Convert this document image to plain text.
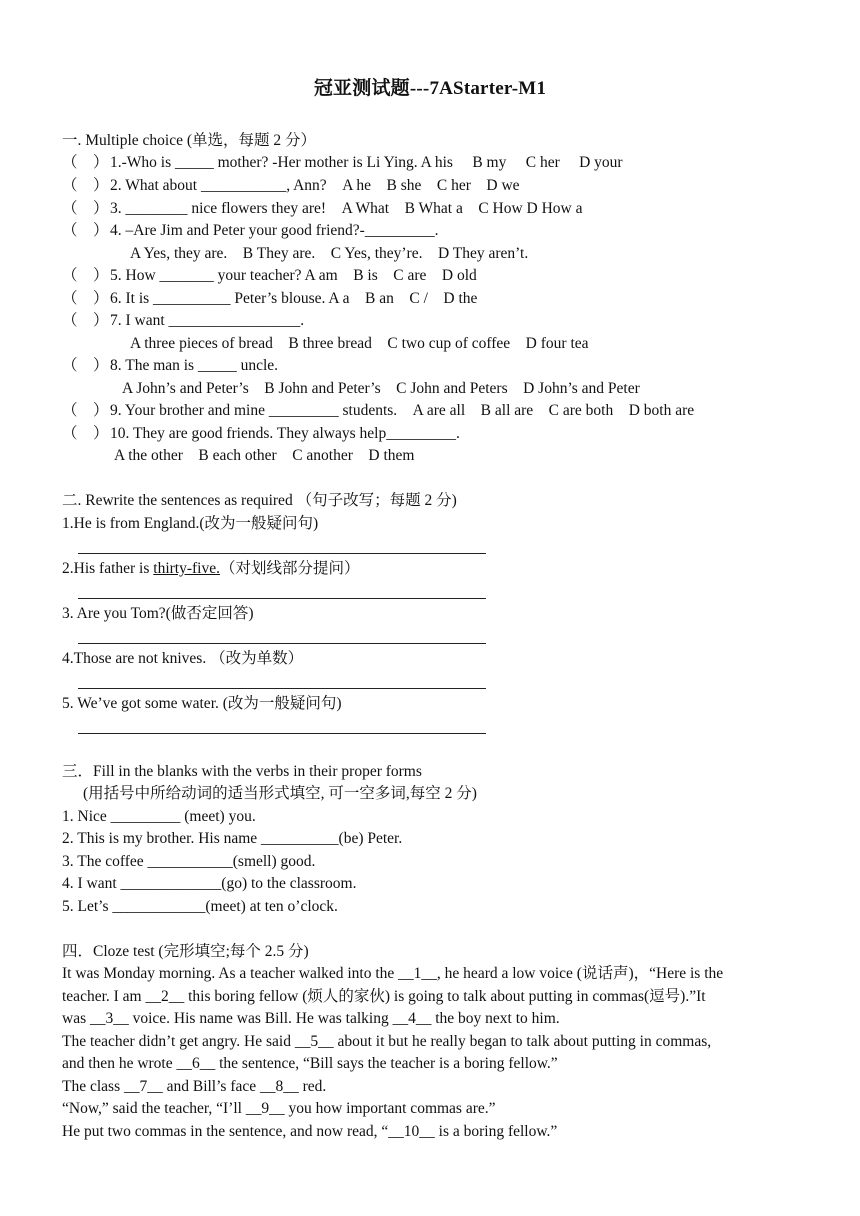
冠亚测试题---7AStarter-M1
一. Multiple choice (单选，每题 2 分）
（　）1.-Who is _____ mother? -Her mother is Li Ying. A his　 B my　 C her　 D your
（　）2. What about ___________, Ann?　A he　B she　C her　D we
（　）3. ________ nice flowers they are!　A What　B What a　C How D How a
（　）4. –Are Jim and Peter your good friend?-_________.
A Yes, they are.　B They are.　C Yes, they’re.　D They aren’t.
（　）5. How _______ your teacher? A am　B is　C are　D old
（　）6. It is __________ Peter’s blouse. A a　B an　C /　D the
（　）7. I want _________________.
A three pieces of bread　B three bread　C two cup of coffee　D four tea
（　）8. The man is _____ uncle.
A John’s and Peter’s　B John and Peter’s　C John and Peters　D John’s and Peter
（　）9. Your brother and mine _________ students.　A are all　B all are　C are both　D both are
（　）10. They are good friends. They always help_________.
A the other　B each other　C another　D them
二. Rewrite the sentences as required （句子改写；每题 2 分)
1.He is from England.(改为一般疑问句)
2.His father is thirty-five.（对划线部分提问）
3. Are you Tom?(做否定回答)
4.Those are not knives. （改为单数）
5. We’ve got some water. (改为一般疑问句)
三．Fill in the blanks with the verbs in their proper forms
(用括号中所给动词的适当形式填空, 可一空多词,每空 2 分)
1. Nice _________ (meet) you.
2. This is my brother. His name __________(be) Peter.
3. The coffee ___________(smell) good.
4. I want _____________(go) to the classroom.
5. Let’s ____________(meet) at ten o’clock.
四．Cloze test (完形填空;每个 2.5 分)
It was Monday morning. As a teacher walked into the __1__, he heard a low voice (说话声)，“Here is the
teacher. I am __2__ this boring fellow (烦人的家伙) is going to talk about putting in commas(逗号).”It
was __3__ voice. His name was Bill. He was talking __4__ the boy next to him.
The teacher didn’t get angry. He said __5__ about it but he really began to talk about putting in commas,
and then he wrote __6__ the sentence, “Bill says the teacher is a boring fellow.”
The class __7__ and Bill’s face __8__ red.
“Now,” said the teacher, “I’ll __9__ you how important commas are.”
He put two commas in the sentence, and now read, “__10__ is a boring fellow.”
